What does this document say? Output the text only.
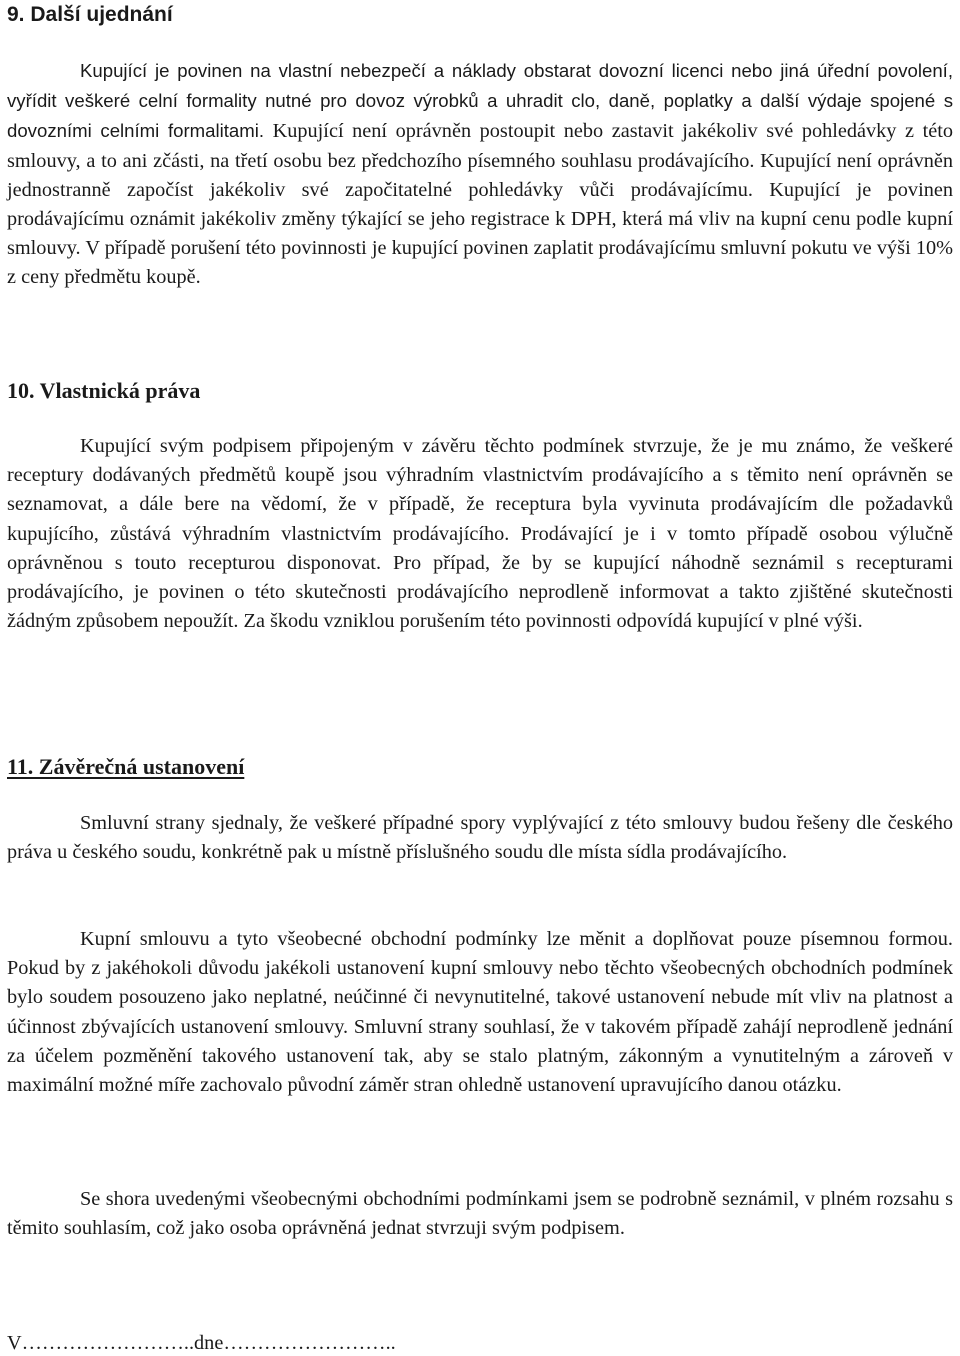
9. Další ujednání

Kupující je povinen na vlastní nebezpečí a náklady obstarat dovozní licenci nebo jiná úřední povolení, vyřídit veškeré celní formality nutné pro dovoz výrobků a uhradit clo, daně, poplatky a další výdaje spojené s dovozními celními formalitami. Kupující není oprávněn postoupit nebo zastavit jakékoliv své pohledávky z této smlouvy, a to ani zčásti, na třetí osobu bez předchozího písemného souhlasu prodávajícího. Kupující není oprávněn jednostranně započíst jakékoliv své započitatelné pohledávky vůči prodávajícímu. Kupující je povinen prodávajícímu oznámit jakékoliv změny týkající se jeho registrace k DPH, která má vliv na kupní cenu podle kupní smlouvy. V případě porušení této povinnosti je kupující povinen zaplatit prodávajícímu smluvní pokutu ve výši 10% z ceny předmětu koupě.

10. Vlastnická práva

Kupující svým podpisem připojeným v závěru těchto podmínek stvrzuje, že je mu známo, že veškeré receptury dodávaných předmětů koupě jsou výhradním vlastnictvím prodávajícího a s těmito není oprávněn se seznamovat, a dále bere na vědomí, že v případě, že receptura byla vyvinuta prodávajícím dle požadavků kupujícího, zůstává výhradním vlastnictvím prodávajícího. Prodávající je i v tomto případě osobou výlučně oprávněnou s touto recepturou disponovat. Pro případ, že by se kupující náhodně seznámil s recepturami prodávajícího, je povinen o této skutečnosti prodávajícího neprodleně informovat a takto zjištěné skutečnosti žádným způsobem nepoužít. Za škodu vzniklou porušením této povinnosti odpovídá kupující v plné výši.

11. Závěrečná ustanovení

Smluvní strany sjednaly, že veškeré případné spory vyplývající z této smlouvy budou řešeny dle českého práva u českého soudu, konkrétně pak u místně příslušného soudu dle místa sídla prodávajícího.

Kupní smlouvu a tyto všeobecné obchodní podmínky lze měnit a doplňovat pouze písemnou formou. Pokud by z jakéhokoli důvodu jakékoli ustanovení kupní smlouvy nebo těchto všeobecných obchodních podmínek bylo soudem posouzeno jako neplatné, neúčinné či nevynutitelné, takové ustanovení nebude mít vliv na platnost a účinnost zbývajících ustanovení smlouvy. Smluvní strany souhlasí, že v takovém případě zahájí neprodleně jednání za účelem pozměnění takového ustanovení tak, aby se stalo platným, zákonným a vynutitelným a zároveň v maximální možné míře zachovalo původní záměr stran ohledně ustanovení upravujícího danou otázku.

Se shora uvedenými všeobecnými obchodními podmínkami jsem se podrobně seznámil, v plném rozsahu s těmito souhlasím, což jako osoba oprávněná jednat stvrzuji svým podpisem.

V……………………..dne……………………..
